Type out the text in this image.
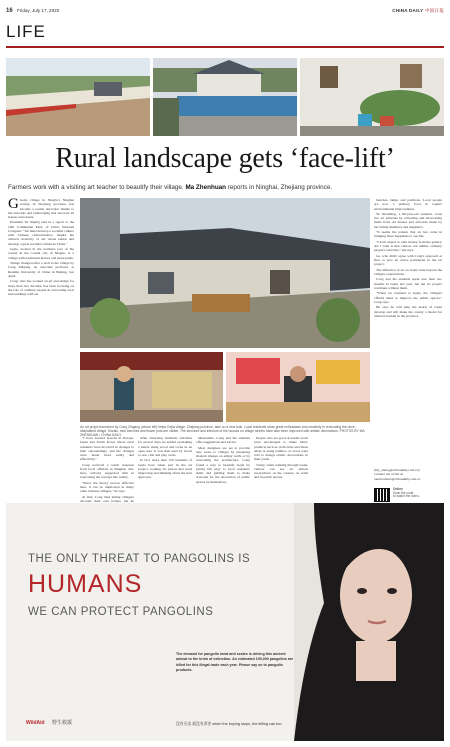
16 Friday, July 17, 2020	CHINA DAILY 中国日报
LIFE
Rural landscape gets ‘face-lift’
Farmers work with a visiting art teacher to beautify their village. Ma Zhenhuan reports in Ninghai, Zhejiang province.

G Gejia village in Ningbo's Ninghai county, in Zhejiang province, has become a tourist attraction thanks to the artworks and landscaping that decorate its houses and streets.

President Xi Jinping said in a report to the 19th Communist Party of China National Congress: "We must develop a socialist culture with Chinese characteristics, inspire the cultural creativity of our whole nation and develop a great socialist culture in China."

Gejia, located in the northern part of the county in the coastal city of Ningbo, is a village with traditional houses and stone paths.

Things changed after a visit to the village by Cong Zhigang, an associate professor at Renmin University of China in Beijing, last April.

Cong, who has worked on art and design for more than two decades, has been focusing on the role of ordinary people in renovating rural surroundings with art.

An art project launched by Cong Zhigang (above left) helps Gejia village, Zhejiang province, take on a new look. Local residents show great enthusiasm and creativity in renovating the once-dilapidated village. Murals, new benches and flower pots are visible. The structure and interiors of the houses on village streets have also been improved with artistic decorations. PHOTOS BY MA ZHENHUAN / CHINA DAILY

"I have learned lessons in Europe, Japan and South Korea where rural residents were involved in changes to their surroundings, and the changes were made more easily and effectively."

Cong received a warm response from local officials in Ninghai, who have actively supported him in renovating the concept into reality.

"Since the theory proves effective here, it can be duplicated in many other Chinese villages," he says.

At first, Cong tried letting villagers decorate their own homes, but he

After observing residents' activities for several days, he settled on making a bench using wood and rocks in an open area. It was then used by locals to rest, chat and play cards.

In fact, more than 150 residents of Gejia have taken part in the art project, looking for places that need improving and thinking about the best approach.

Meanwhile, Cong and his students offer suggestions and advice.

Most designers are set to provide new looks to villages by plastering modern images on empty walls or by renovating the architecture. Cong found a way to beautify Gejia by giving full play to local residents' skills and guiding them to make artworks for the decoration of public spaces by themselves.

People who are good at needle-work were encouraged to make fabric products such as cloth dolls and those adept at using bamboo or wood were told to design artistic decorations in their yards.

Today, when walking through Gejia, visitors can see art almost everywhere: on the corners, on walls and in public spaces.

benches, lamps and pavilions. Local people are now a primary force in Gejia's environmental improvement.

Ye Xiaoming, a 66-year-old resident, owns two art galleries by collecting and showcasing items from old houses and artworks made by her family members and neighbors.

"It seems the pattern that art has come in bringing more happiness to our life.

"I don't expect to earn money from the gallery. All I want is that visitors can admire ordinary people's artworks," she says.

Ge, who didn't agree with Cong's approach at first, is now an active participant in the art project.

The influence of art on Gejia went beyond the village's expectations.

Cong and his students spent less than two months in Gejia last year, but the art project continues without them.

"When we returned to Gejia, the villagers offered ideas to improve the public spaces," Cong says.

He says he will help the hearts of Gejia develop and will make the county a model for cultural tourism in the province.

(lily_zhang@chinadaily.com.cn)
Contact the writer at
mazhenhuan@chinadaily.com.cn
Online
Scan the code
to watch the video.
THE ONLY THREAT TO PANGOLINS IS
HUMANS
WE CAN PROTECT PANGOLINS
The demand for pangolin meat and scales is driving this ancient animal to the brink of extinction. An estimated 100,000 pangolins are killed for this illegal trade each year. Please say no to pangolin products.
WildAid 野生救援	没有买卖 就没有杀害 when the buying stops, the killing can too
